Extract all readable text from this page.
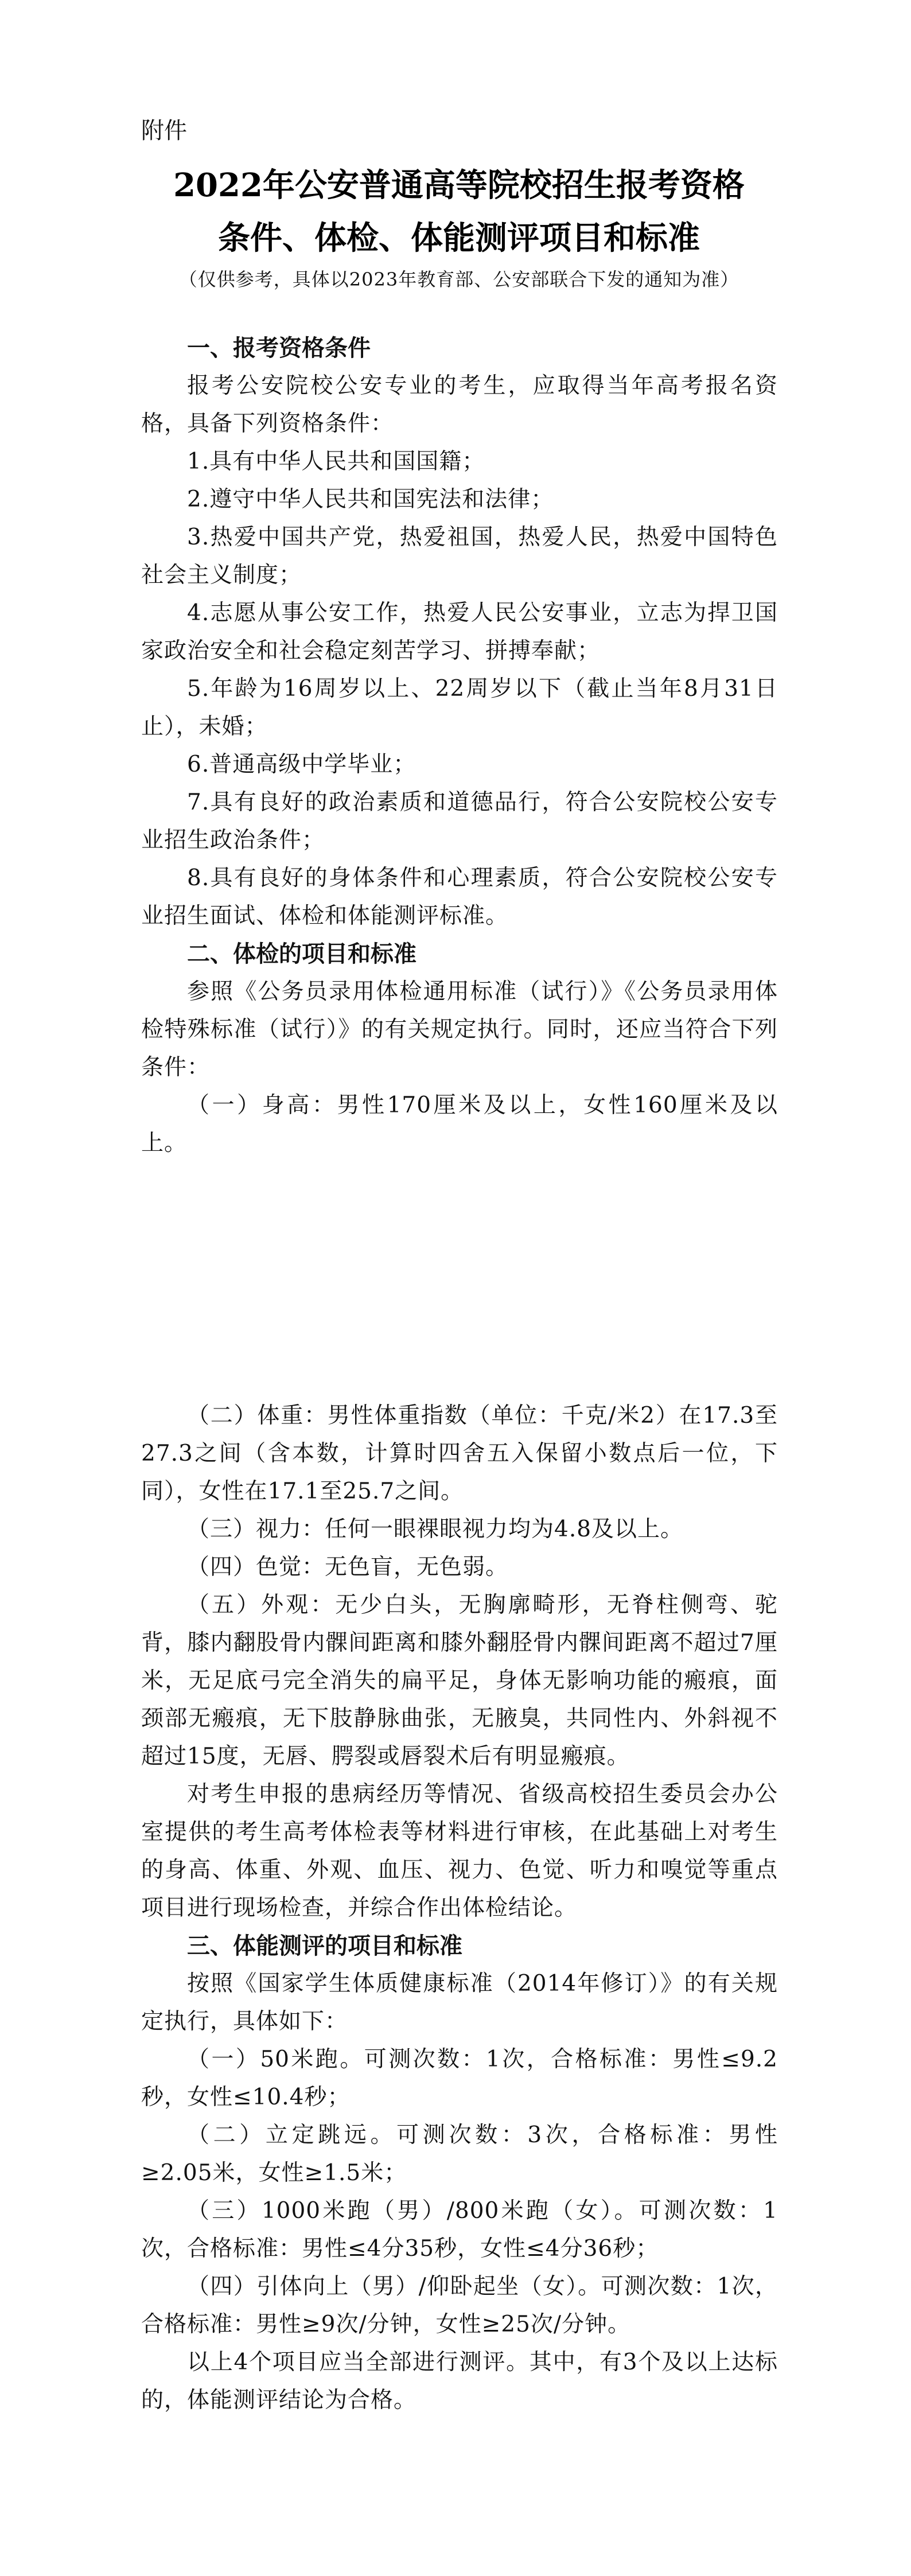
附件
2022年公安普通高等院校招生报考资格
条件、体检、体能测评项目和标准
（仅供参考，具体以2023年教育部、公安部联合下发的通知为准）

一、报考资格条件

报考公安院校公安专业的考生，应取得当年高考报名资格，具备下列资格条件：

1.具有中华人民共和国国籍；

2.遵守中华人民共和国宪法和法律；

3.热爱中国共产党，热爱祖国，热爱人民，热爱中国特色社会主义制度；

4.志愿从事公安工作，热爱人民公安事业，立志为捍卫国家政治安全和社会稳定刻苦学习、拼搏奉献；

5.年龄为16周岁以上、22周岁以下（截止当年8月31日止），未婚；

6.普通高级中学毕业；

7.具有良好的政治素质和道德品行，符合公安院校公安专业招生政治条件；

8.具有良好的身体条件和心理素质，符合公安院校公安专业招生面试、体检和体能测评标准。

二、体检的项目和标准

参照《公务员录用体检通用标准（试行）》《公务员录用体检特殊标准（试行）》的有关规定执行。同时，还应当符合下列条件：

（一）身高：男性170厘米及以上，女性160厘米及以上。

（二）体重：男性体重指数（单位：千克/米2）在17.3至27.3之间（含本数，计算时四舍五入保留小数点后一位，下同），女性在17.1至25.7之间。

（三）视力：任何一眼裸眼视力均为4.8及以上。

（四）色觉：无色盲，无色弱。

（五）外观：无少白头，无胸廓畸形，无脊柱侧弯、驼背，膝内翻股骨内髁间距离和膝外翻胫骨内髁间距离不超过7厘米，无足底弓完全消失的扁平足，身体无影响功能的瘢痕，面颈部无瘢痕，无下肢静脉曲张，无腋臭，共同性内、外斜视不超过15度，无唇、腭裂或唇裂术后有明显瘢痕。

对考生申报的患病经历等情况、省级高校招生委员会办公室提供的考生高考体检表等材料进行审核，在此基础上对考生的身高、体重、外观、血压、视力、色觉、听力和嗅觉等重点项目进行现场检查，并综合作出体检结论。

三、体能测评的项目和标准

按照《国家学生体质健康标准（2014年修订）》的有关规定执行，具体如下：

（一）50米跑。可测次数：1次，合格标准：男性≤9.2秒，女性≤10.4秒；

（二）立定跳远。可测次数：3次，合格标准：男性≥2.05米，女性≥1.5米；

（三）1000米跑（男）/800米跑（女）。可测次数：1次，合格标准：男性≤4分35秒，女性≤4分36秒；

（四）引体向上（男）/仰卧起坐（女）。可测次数：1次，合格标准：男性≥9次/分钟，女性≥25次/分钟。

以上4个项目应当全部进行测评。其中，有3个及以上达标的，体能测评结论为合格。
